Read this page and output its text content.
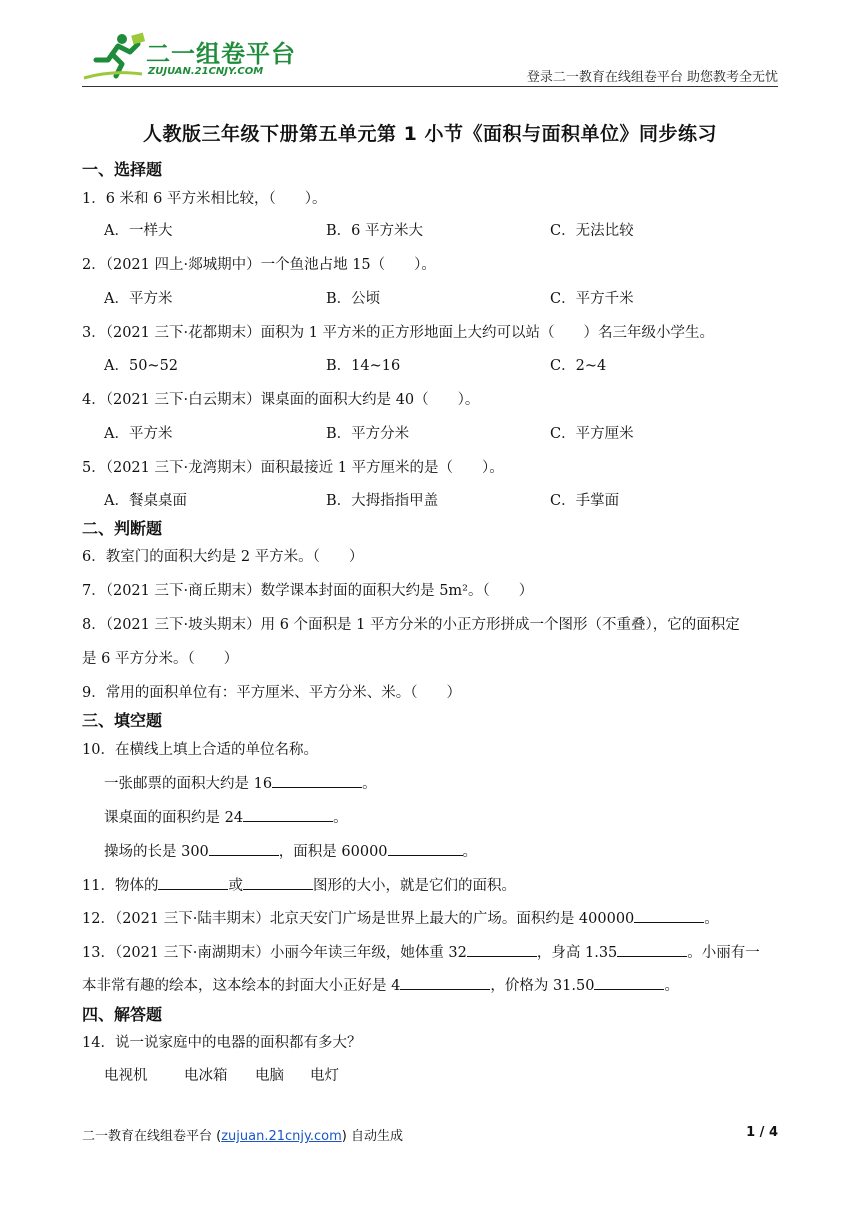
二一组卷平台
ZUJUAN.21CNJY.COM	登录二一教育在线组卷平台 助您教考全无忧
人教版三年级下册第五单元第 1 小节《面积与面积单位》同步练习
一、选择题
1．6 米和 6 平方米相比较，（　　）。
A．一样大	B．6 平方米大	C．无法比较
2．（2021 四上·郯城期中）一个鱼池占地 15（　　）。
A．平方米	B．公顷	C．平方千米
3．（2021 三下·花都期末）面积为 1 平方米的正方形地面上大约可以站（　　）名三年级小学生。
A．50~52	B．14~16	C．2~4
4．（2021 三下·白云期末）课桌面的面积大约是 40（　　）。
A．平方米	B．平方分米	C．平方厘米
5．（2021 三下·龙湾期末）面积最接近 1 平方厘米的是（　　）。
A．餐桌桌面	B．大拇指指甲盖	C．手掌面
二、判断题
6．教室门的面积大约是 2 平方米。（　　）
7．（2021 三下·商丘期末）数学课本封面的面积大约是 5m²。（　　）
8．（2021 三下·坡头期末）用 6 个面积是 1 平方分米的小正方形拼成一个图形（不重叠），它的面积定
是 6 平方分米。（　　）
9．常用的面积单位有：平方厘米、平方分米、米。（　　）
三、填空题
10．在横线上填上合适的单位名称。
一张邮票的面积大约是 16	。
课桌面的面积约是 24	。
操场的长是 300	，面积是 60000	。
11．物体的	或	图形的大小，就是它们的面积。
12．（2021 三下·陆丰期末）北京天安门广场是世界上最大的广场。面积约是 400000	。
13．（2021 三下·南湖期末）小丽今年读三年级，她体重 32	，身高 1.35	。小丽有一
本非常有趣的绘本，这本绘本的封面大小正好是 4	，价格为 31.50	。
四、解答题
14．说一说家庭中的电器的面积都有多大？
电视机	电冰箱 电脑 电灯
二一教育在线组卷平台 (zujuan.21cnjy.com) 自动生成	1 / 4
